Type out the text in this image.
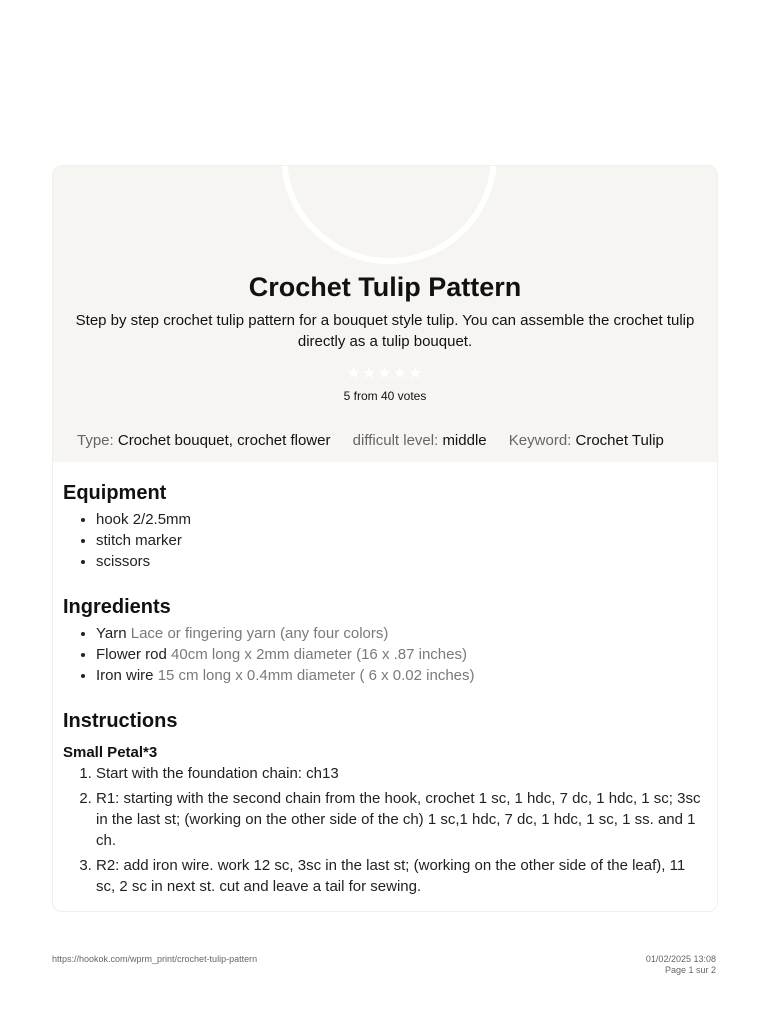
Crochet Tulip Pattern

Step by step crochet tulip pattern for a bouquet style tulip. You can assemble the crochet tulip directly as a tulip bouquet.

★★★★★
5 from 40 votes
Type: Crochet bouquet, crochet flower difficult level: middle Keyword: Crochet Tulip
Equipment
• hook 2/2.5mm
• stitch marker
• scissors
Ingredients
• Yarn Lace or fingering yarn (any four colors)
• Flower rod 40cm long x 2mm diameter (16 x .87 inches)
• Iron wire 15 cm long x 0.4mm diameter ( 6 x 0.02 inches)
Instructions
Small Petal*3
1. Start with the foundation chain: ch13
2. R1: starting with the second chain from the hook, crochet 1 sc, 1 hdc, 7 dc, 1 hdc, 1 sc; 3sc in the last st; (working on the other side of the ch) 1 sc,1 hdc, 7 dc, 1 hdc, 1 sc, 1 ss. and 1 ch.
3. R2: add iron wire. work 12 sc, 3sc in the last st; (working on the other side of the leaf), 11 sc, 2 sc in next st. cut and leave a tail for sewing.
https://hookok.com/wprm_print/crochet-tulip-pattern	01/02/2025 13:08
Page 1 sur 2
